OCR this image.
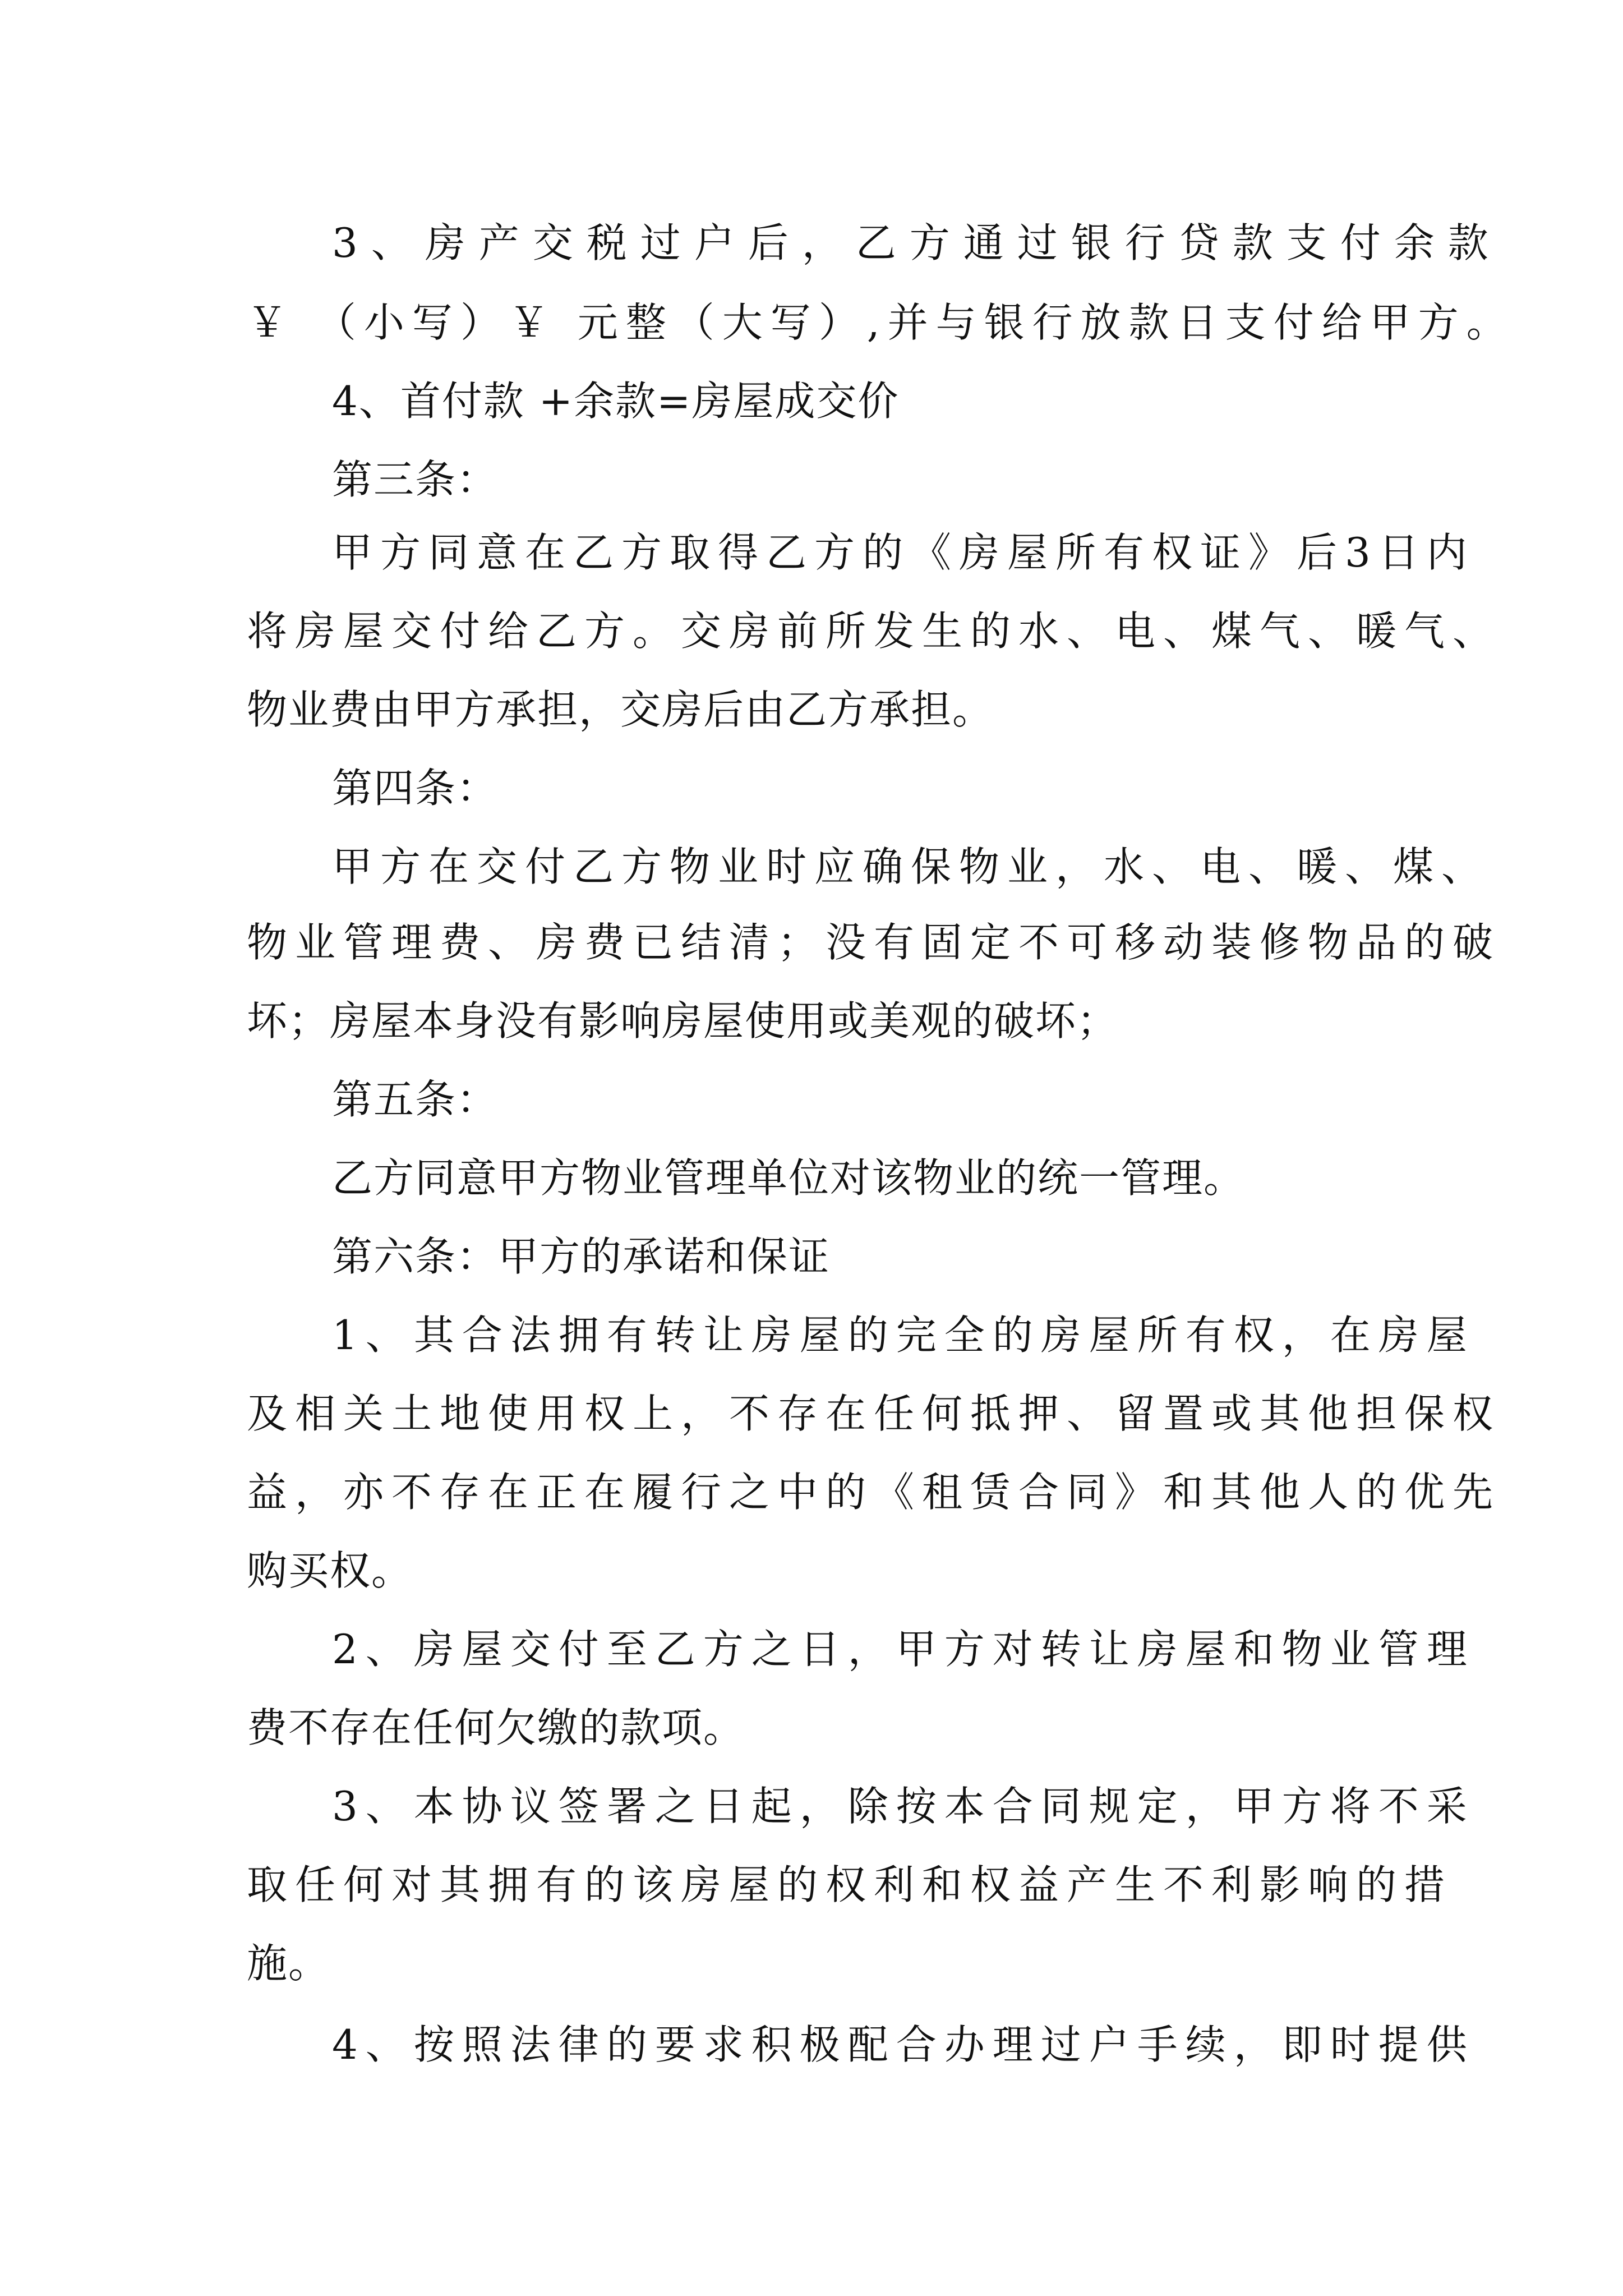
3、房产交税过户后，乙方通过银行贷款支付余款
￥ （小写）￥ 元整（大写）,并与银行放款日支付给甲方。
4、首付款 +余款=房屋成交价
第三条：
甲方同意在乙方取得乙方的《房屋所有权证》后3日内
将房屋交付给乙方。交房前所发生的水、电、煤气、暖气、
物业费由甲方承担，交房后由乙方承担。
第四条：
甲方在交付乙方物业时应确保物业，水、电、暖、煤、
物业管理费、房费已结清；没有固定不可移动装修物品的破
坏；房屋本身没有影响房屋使用或美观的破坏；
第五条：
乙方同意甲方物业管理单位对该物业的统一管理。
第六条：甲方的承诺和保证
1、其合法拥有转让房屋的完全的房屋所有权，在房屋
及相关土地使用权上，不存在任何抵押、留置或其他担保权
益，亦不存在正在履行之中的《租赁合同》和其他人的优先
购买权。
2、房屋交付至乙方之日，甲方对转让房屋和物业管理
费不存在任何欠缴的款项。
3、本协议签署之日起，除按本合同规定，甲方将不采
取任何对其拥有的该房屋的权利和权益产生不利影响的措
施。
4、按照法律的要求积极配合办理过户手续，即时提供
